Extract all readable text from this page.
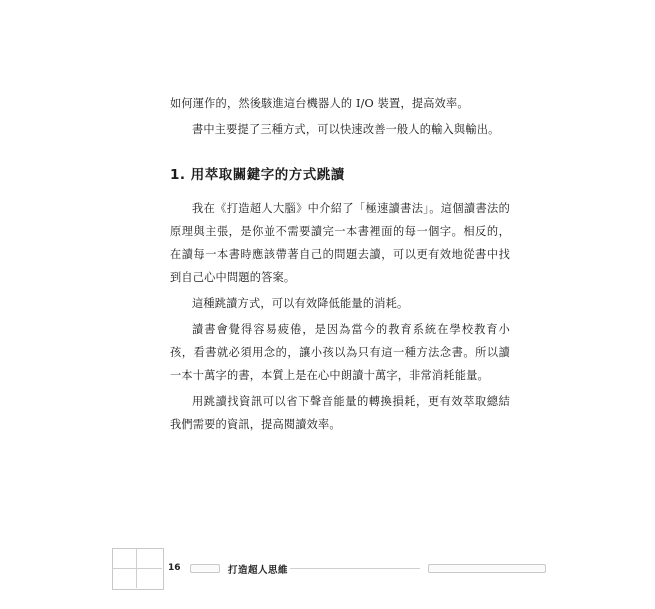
如何運作的，然後駭進這台機器人的 I/O 裝置，提高效率。

書中主要提了三種方式，可以快速改善一般人的輸入與輸出。

1. 用萃取關鍵字的方式跳讀

我在《打造超人大腦》中介紹了「極速讀書法」。這個讀書法的原理與主張，是你並不需要讀完一本書裡面的每一個字。相反的，在讀每一本書時應該帶著自己的問題去讀，可以更有效地從書中找到自己心中問題的答案。

這種跳讀方式，可以有效降低能量的消耗。

讀書會覺得容易疲倦，是因為當今的教育系統在學校教育小孩，看書就必須用念的，讓小孩以為只有這一種方法念書。所以讀一本十萬字的書，本質上是在心中朗讀十萬字，非常消耗能量。

用跳讀找資訊可以省下聲音能量的轉換損耗，更有效萃取總結我們需要的資訊，提高閱讀效率。

16	打造超人思維
